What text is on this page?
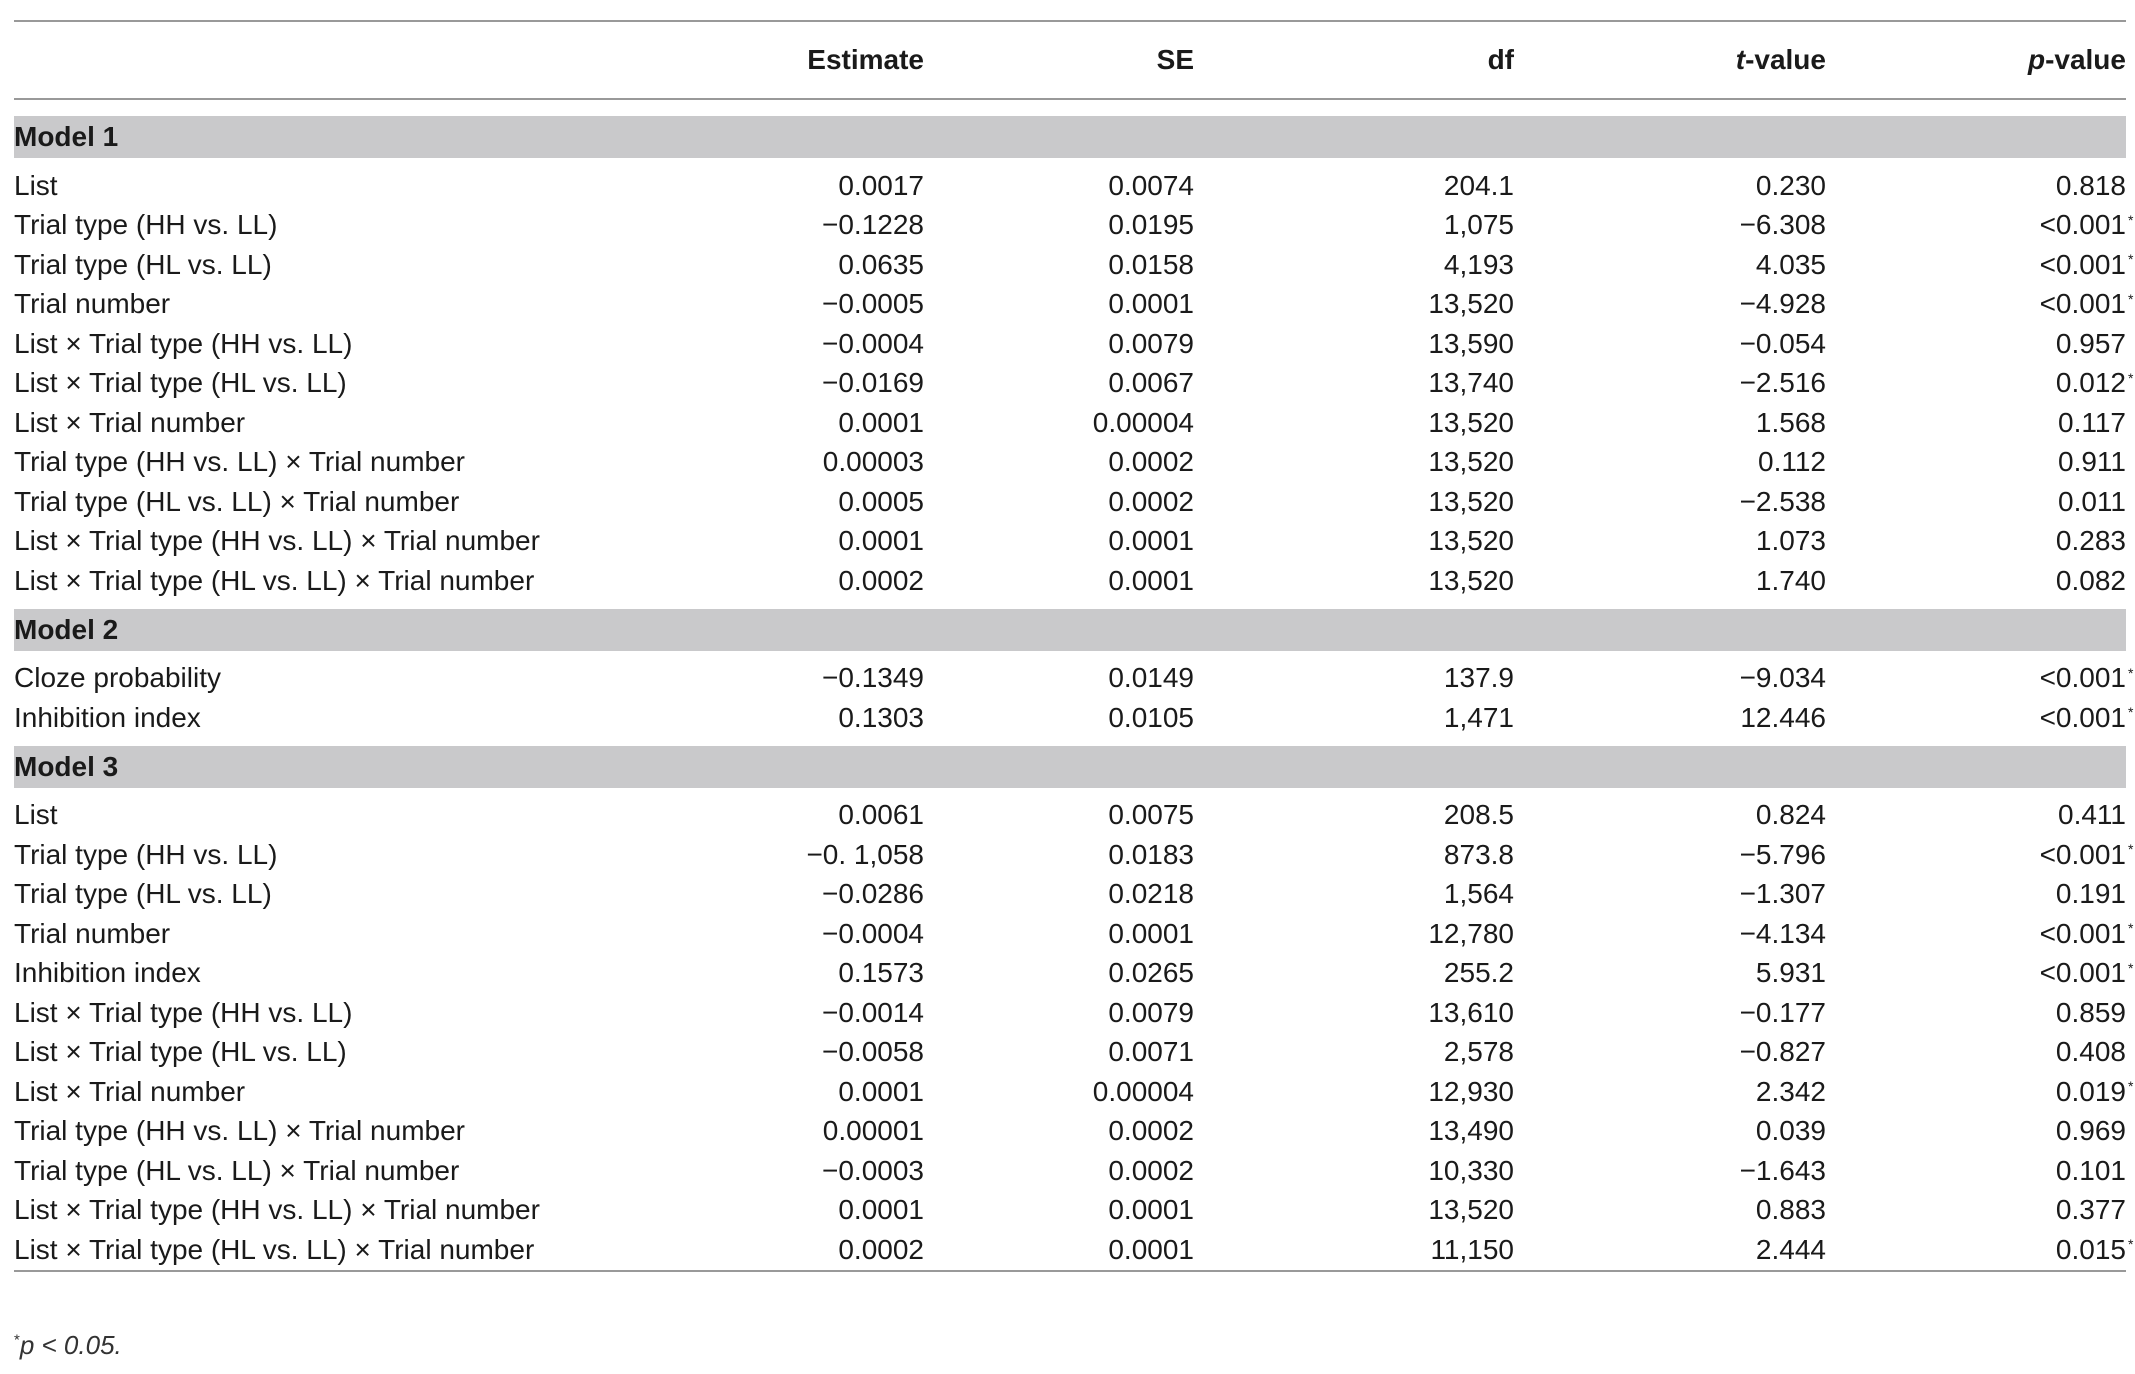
	Estimate	SE	df	t-value	p-value

Model 1					

List	0.0017	0.0074	204.1	0.230	0.818
Trial type (HH vs. LL)	−0.1228	0.0195	1,075	−6.308	<0.001 *

Trial type (HL vs. LL)	0.0635	0.0158	4,193	4.035	<0.001 *

Trial number	−0.0005	0.0001	13,520	−4.928	<0.001 *

List × Trial type (HH vs. LL)	−0.0004	0.0079	13,590	−0.054	0.957
List × Trial type (HL vs. LL)	−0.0169	0.0067	13,740	−2.516	0.012 *

List × Trial number	0.0001	0.00004	13,520	1.568	0.117
Trial type (HH vs. LL) × Trial number	0.00003	0.0002	13,520	0.112	0.911
Trial type (HL vs. LL) × Trial number	0.0005	0.0002	13,520	−2.538	0.011
List × Trial type (HH vs. LL) × Trial number	0.0001	0.0001	13,520	1.073	0.283
List × Trial type (HL vs. LL) × Trial number	0.0002	0.0001	13,520	1.740	0.082

Model 2					

Cloze probability	−0.1349	0.0149	137.9	−9.034	<0.001 *

Inhibition index	0.1303	0.0105	1,471	12.446	<0.001 *

Model 3					

List	0.0061	0.0075	208.5	0.824	0.411
Trial type (HH vs. LL)	−0. 1,058	0.0183	873.8	−5.796	<0.001 *

Trial type (HL vs. LL)	−0.0286	0.0218	1,564	−1.307	0.191
Trial number	−0.0004	0.0001	12,780	−4.134	<0.001 *

Inhibition index	0.1573	0.0265	255.2	5.931	<0.001 *

List × Trial type (HH vs. LL)	−0.0014	0.0079	13,610	−0.177	0.859
List × Trial type (HL vs. LL)	−0.0058	0.0071	2,578	−0.827	0.408
List × Trial number	0.0001	0.00004	12,930	2.342	0.019 *

Trial type (HH vs. LL) × Trial number	0.00001	0.0002	13,490	0.039	0.969
Trial type (HL vs. LL) × Trial number	−0.0003	0.0002	10,330	−1.643	0.101
List × Trial type (HH vs. LL) × Trial number	0.0001	0.0001	13,520	0.883	0.377
List × Trial type (HL vs. LL) × Trial number	0.0002	0.0001	11,150	2.444	0.015 *
*p < 0.05.
